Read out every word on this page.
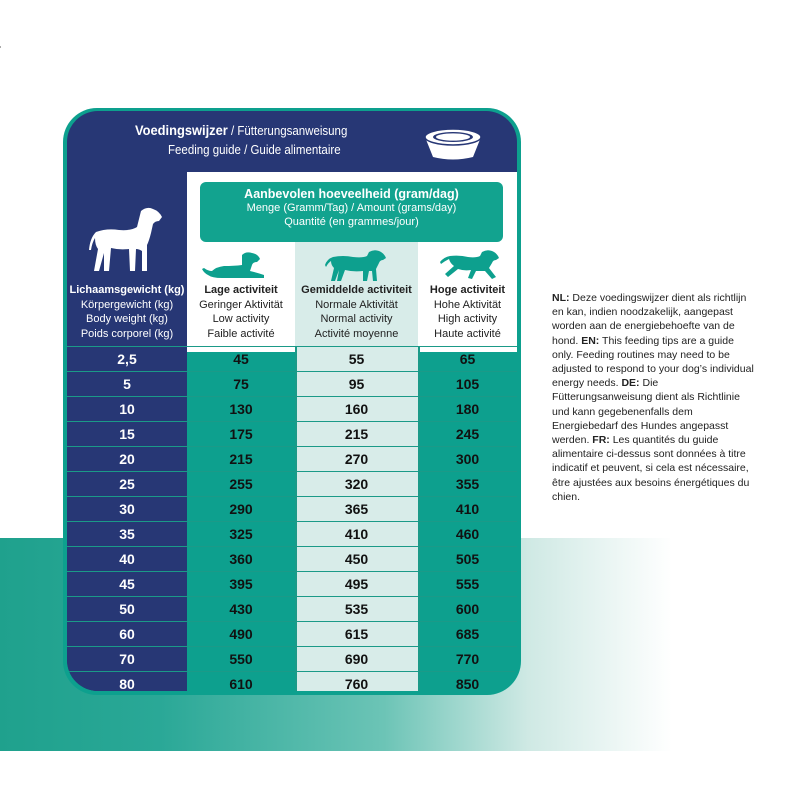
Voedingswijzer / Fütterungsanweisung
Feeding guide / Guide alimentaire
Aanbevolen hoeveelheid (gram/dag)
Menge (Gramm/Tag) / Amount (grams/day)
Quantité (en grammes/jour)
Lichaamsgewicht (kg)
Körpergewicht (kg)
Body weight (kg)
Poids corporel (kg)
Lage activiteit
Geringer Aktivität
Low activity
Faible activité
Gemiddelde activiteit
Normale Aktivität
Normal activity
Activité moyenne
Hoge activiteit
Hohe Aktivität
High activity
Haute activité
2,5	45	55	65
5	75	95	105
10	130	160	180
15	175	215	245
20	215	270	300
25	255	320	355
30	290	365	410
35	325	410	460
40	360	450	505
45	395	495	555
50	430	535	600
60	490	615	685
70	550	690	770
80	610	760	850
NL: Deze voedingswijzer dient als richtlijn en kan, indien noodzakelijk, aangepast worden aan de energiebehoefte van de hond. EN: This feeding tips are a guide only. Feeding routines may need to be adjusted to respond to your dog’s individual energy needs. DE: Die Fütterungsanweisung dient als Richtlinie und kann gegebenenfalls dem Energiebedarf des Hundes angepasst werden. FR: Les quantités du guide alimentaire ci-dessus sont données à titre indicatif et peuvent, si cela est nécessaire, être ajustées aux besoins énergétiques du chien.
